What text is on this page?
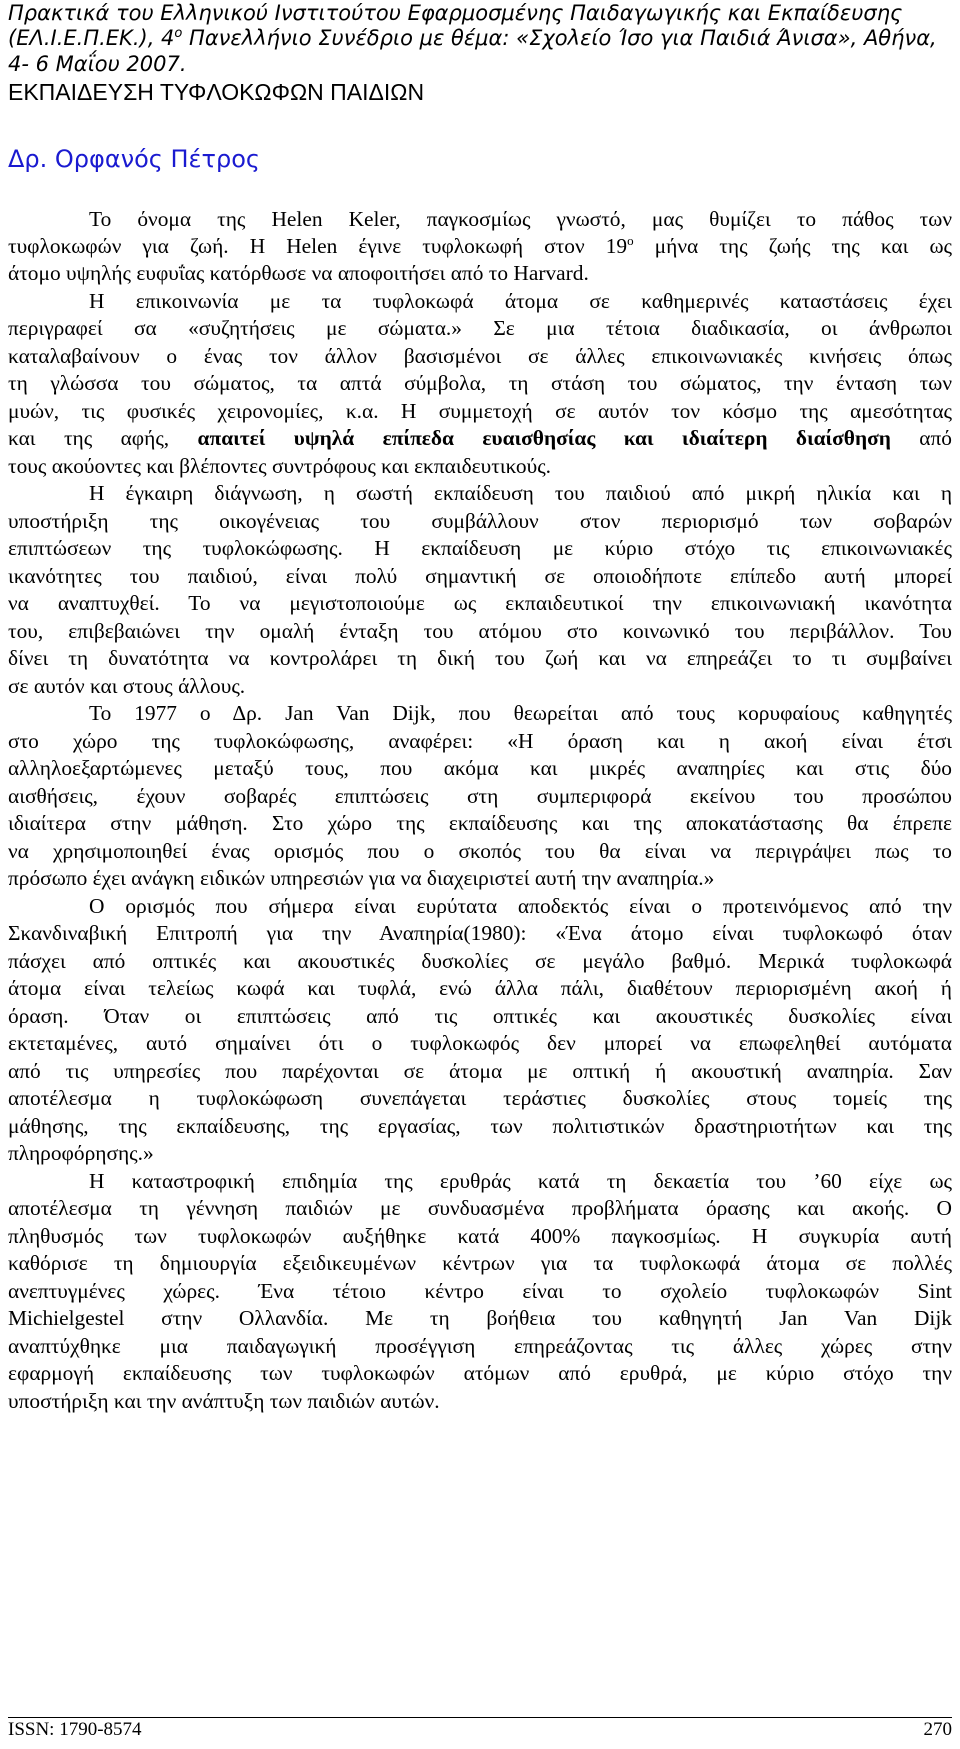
Πρακτικά του Ελληνικού Ινστιτούτου Εφαρμοσμένης Παιδαγωγικής και Εκπαίδευσης
(ΕΛ.Ι.Ε.Π.ΕΚ.), $4^o$ Πανελλήνιο Συνέδριο με θέμα: «Σχολείο Ίσο για Παιδιά Άνισα», Αθήνα,
4- 6 Μαΐου 2007.
ΕΚΠΑΙΔΕΥΣΗ ΤΥΦΛΟΚΩΦΩΝ ΠΑΙΔΙΩΝ
Δρ. Ορφανός Πέτρος
Το όνομα της Helen Keler, παγκοσμίως γνωστό, μας θυμίζει το πάθος των
τυφλοκωφών για ζωή. Η Helen έγινε τυφλοκωφή στον $19^o$ μήνα της ζωής της και ως
άτομο υψηλής ευφυΐας κατόρθωσε να αποφοιτήσει από το Harvard.
Η επικοινωνία με τα τυφλοκωφά άτομα σε καθημερινές καταστάσεις έχει
περιγραφεί σα «συζητήσεις με σώματα.» Σε μια τέτοια διαδικασία, οι άνθρωποι
καταλαβαίνουν ο ένας τον άλλον βασισμένοι σε άλλες επικοινωνιακές κινήσεις όπως
τη γλώσσα του σώματος, τα απτά σύμβολα, τη στάση του σώματος, την ένταση των
μυών, τις φυσικές χειρονομίες, κ.α. Η συμμετοχή σε αυτόν τον κόσμο της αμεσότητας
και της αφής, απαιτεί υψηλά επίπεδα ευαισθησίας και ιδιαίτερη διαίσθηση από
τους ακούοντες και βλέποντες συντρόφους και εκπαιδευτικούς.
Η έγκαιρη διάγνωση, η σωστή εκπαίδευση του παιδιού από μικρή ηλικία και η
υποστήριξη της οικογένειας του συμβάλλουν στον περιορισμό των σοβαρών
επιπτώσεων της τυφλοκώφωσης. Η εκπαίδευση με κύριο στόχο τις επικοινωνιακές
ικανότητες του παιδιού, είναι πολύ σημαντική σε οποιοδήποτε επίπεδο αυτή μπορεί
να αναπτυχθεί. Το να μεγιστοποιούμε ως εκπαιδευτικοί την επικοινωνιακή ικανότητα
του, επιβεβαιώνει την ομαλή ένταξη του ατόμου στο κοινωνικό του περιβάλλον. Του
δίνει τη δυνατότητα να κοντρολάρει τη δική του ζωή και να επηρεάζει το τι συμβαίνει
σε αυτόν και στους άλλους.
Το 1977 ο Δρ. Jan Van Dijk, που θεωρείται από τους κορυφαίους καθηγητές
στο χώρο της τυφλοκώφωσης, αναφέρει: «Η όραση και η ακοή είναι έτσι
αλληλοεξαρτώμενες μεταξύ τους, που ακόμα και μικρές αναπηρίες και στις δύο
αισθήσεις, έχουν σοβαρές επιπτώσεις στη συμπεριφορά εκείνου του προσώπου
ιδιαίτερα στην μάθηση. Στο χώρο της εκπαίδευσης και της αποκατάστασης θα έπρεπε
να χρησιμοποιηθεί ένας ορισμός που ο σκοπός του θα είναι να περιγράψει πως το
πρόσωπο έχει ανάγκη ειδικών υπηρεσιών για να διαχειριστεί αυτή την αναπηρία.»
Ο ορισμός που σήμερα είναι ευρύτατα αποδεκτός είναι ο προτεινόμενος από την
Σκανδιναβική Επιτροπή για την Αναπηρία(1980): «Ένα άτομο είναι τυφλοκωφό όταν
πάσχει από οπτικές και ακουστικές δυσκολίες σε μεγάλο βαθμό. Μερικά τυφλοκωφά
άτομα είναι τελείως κωφά και τυφλά, ενώ άλλα πάλι, διαθέτουν περιορισμένη ακοή ή
όραση. Όταν οι επιπτώσεις από τις οπτικές και ακουστικές δυσκολίες είναι
εκτεταμένες, αυτό σημαίνει ότι ο τυφλοκωφός δεν μπορεί να επωφεληθεί αυτόματα
από τις υπηρεσίες που παρέχονται σε άτομα με οπτική ή ακουστική αναπηρία. Σαν
αποτέλεσμα η τυφλοκώφωση συνεπάγεται τεράστιες δυσκολίες στους τομείς της
μάθησης, της εκπαίδευσης, της εργασίας, των πολιτιστικών δραστηριοτήτων και της
πληροφόρησης.»
Η καταστροφική επιδημία της ερυθράς κατά τη δεκαετία του ’60 είχε ως
αποτέλεσμα τη γέννηση παιδιών με συνδυασμένα προβλήματα όρασης και ακοής. Ο
πληθυσμός των τυφλοκωφών αυξήθηκε κατά 400% παγκοσμίως. Η συγκυρία αυτή
καθόρισε τη δημιουργία εξειδικευμένων κέντρων για τα τυφλοκωφά άτομα σε πολλές
ανεπτυγμένες χώρες. Ένα τέτοιο κέντρο είναι το σχολείο τυφλοκωφών Sint
Michielgestel στην Ολλανδία. Με τη βοήθεια του καθηγητή Jan Van Dijk
αναπτύχθηκε μια παιδαγωγική προσέγγιση επηρεάζοντας τις άλλες χώρες στην
εφαρμογή εκπαίδευσης των τυφλοκωφών ατόμων από ερυθρά, με κύριο στόχο την
υποστήριξη και την ανάπτυξη των παιδιών αυτών.
ISSN: 1790-8574	270
